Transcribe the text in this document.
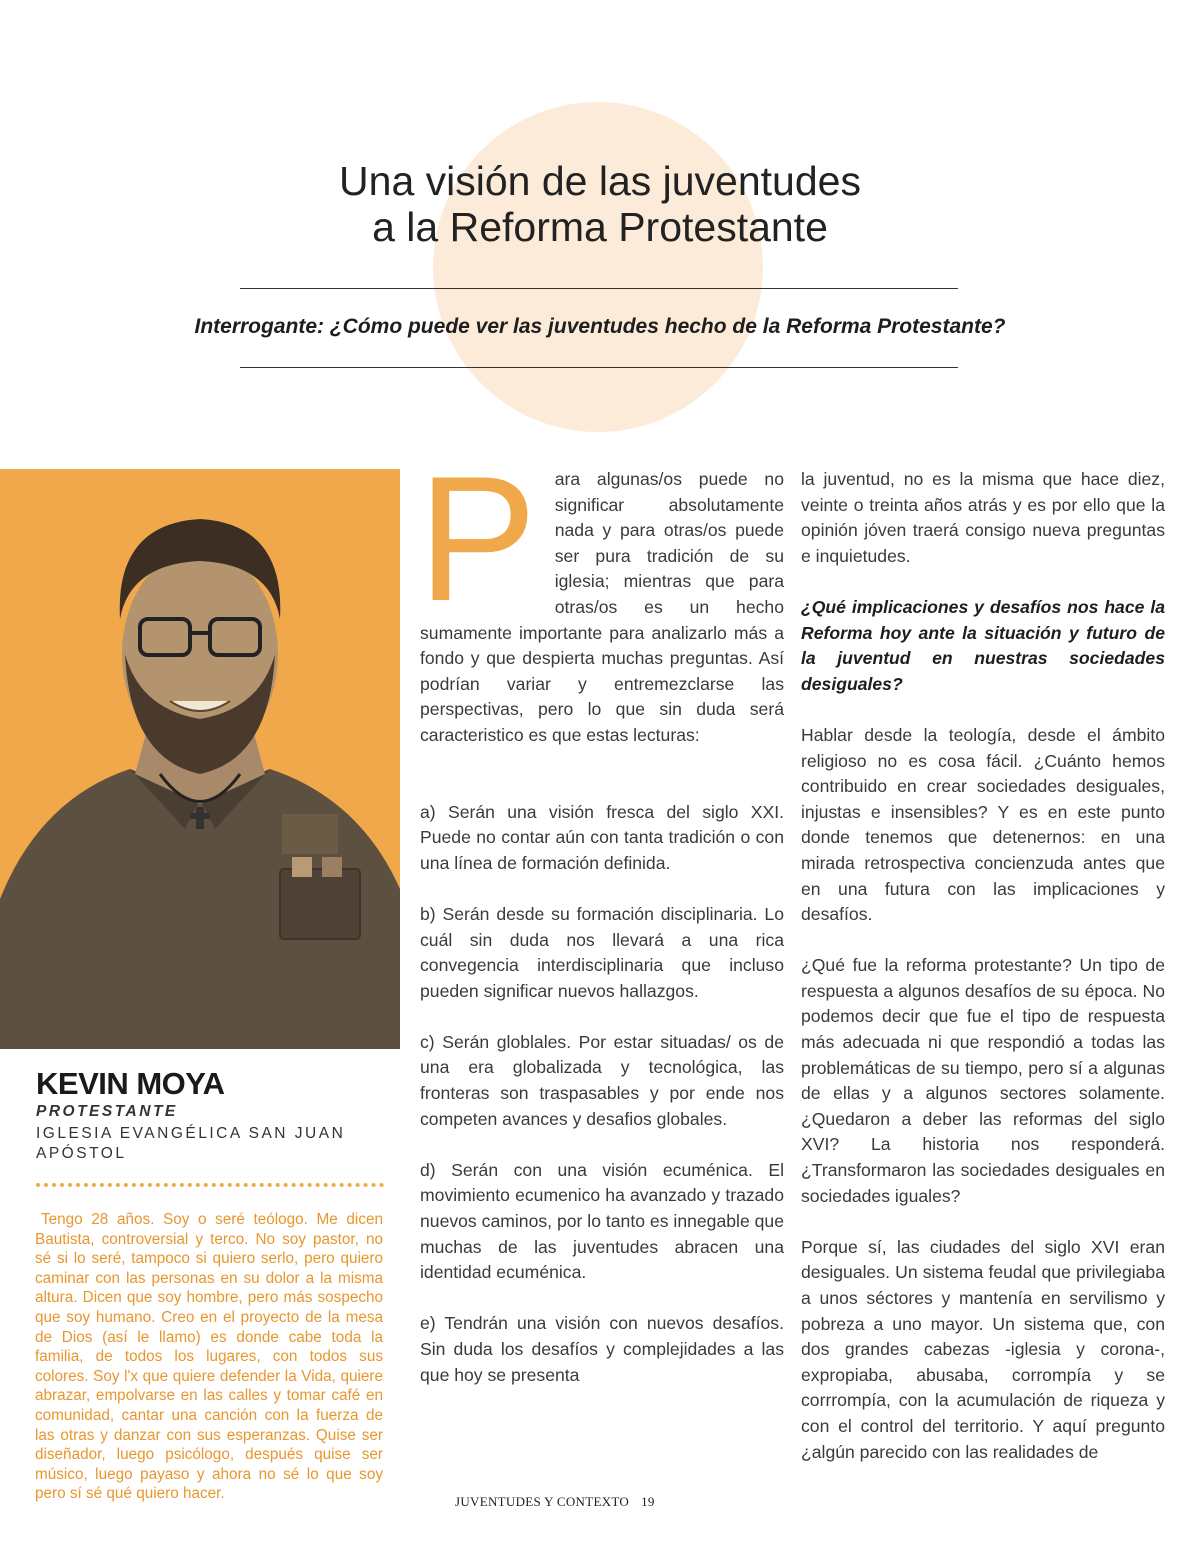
Una visión de las juventudes
a la Reforma Protestante
Interrogante: ¿Cómo puede ver las juventudes hecho de la Reforma Protestante?
KEVIN MOYA
PROTESTANTE
IGLESIA EVANGÉLICA SAN JUAN APÓSTOL
Tengo 28 años. Soy o seré teólogo. Me dicen Bautista, controversial y terco. No soy pastor, no sé si lo seré, tampoco si quiero serlo, pero quiero caminar con las personas en su dolor a la misma altura. Dicen que soy hombre, pero más sospecho que soy humano. Creo en el proyecto de la mesa de Dios (así le llamo) es donde cabe toda la familia, de todos los lugares, con todos sus colores. Soy l'x que quiere defender la Vida, quiere abrazar, empolvarse en las calles y tomar café en comunidad, cantar una canción con la fuerza de las otras y danzar con sus esperanzas. Quise ser diseñador, luego psicólogo, después quise ser músico, luego payaso y ahora no sé lo que soy pero sí sé qué quiero hacer.

P ara algunas/os puede no significar absolutamente nada y para otras/os puede ser pura tradición de su iglesia; mientras que para otras/os es un hecho sumamente importante para analizarlo más a fondo y que despierta muchas preguntas. Así podrían variar y entremezclarse las perspectivas, pero lo que sin duda será caracteristico es que estas lecturas:

a) Serán una visión fresca del siglo XXI. Puede no contar aún con tanta tradición o con una línea de formación definida.

b) Serán desde su formación disciplinaria. Lo cuál sin duda nos llevará a una rica convegencia interdisciplinaria que incluso pueden significar nuevos hallazgos.

c) Serán globlales. Por estar situadas/ os de una era globalizada y tecnológica, las fronteras son traspasables y por ende nos competen avances y desafios globales.

d) Serán con una visión ecuménica. El movimiento ecumenico ha avanzado y trazado nuevos caminos, por lo tanto es innegable que muchas de las juventudes abracen una identidad ecuménica.

e) Tendrán una visión con nuevos desafíos. Sin duda los desafíos y complejidades a las que hoy se presenta

la juventud, no es la misma que hace diez, veinte o treinta años atrás y es por ello que la opinión jóven traerá consigo nueva preguntas e inquietudes.

¿Qué implicaciones y desafíos nos hace la Reforma hoy ante la situación y futuro de la juventud en nuestras sociedades desiguales?

Hablar desde la teología, desde el ámbito religioso no es cosa fácil. ¿Cuánto hemos contribuido en crear sociedades desiguales, injustas e insensibles? Y es en este punto donde tenemos que detenernos: en una mirada retrospectiva concienzuda antes que en una futura con las implicaciones y desafíos.

¿Qué fue la reforma protestante? Un tipo de respuesta a algunos desafíos de su época. No podemos decir que fue el tipo de respuesta más adecuada ni que respondió a todas las problemáticas de su tiempo, pero sí a algunas de ellas y a algunos sectores solamente. ¿Quedaron a deber las reformas del siglo XVI? La historia nos responderá. ¿Transformaron las sociedades desiguales en sociedades iguales?

Porque sí, las ciudades del siglo XVI eran desiguales. Un sistema feudal que privilegiaba a unos séctores y mantenía en servilismo y pobreza a uno mayor. Un sistema que, con dos grandes cabezas -iglesia y corona-, expropiaba, abusaba, corrompía y se corrrompía, con la acumulación de riqueza y con el control del territorio. Y aquí pregunto ¿algún parecido con las realidades de

JUVENTUDES Y CONTEXTO 19
